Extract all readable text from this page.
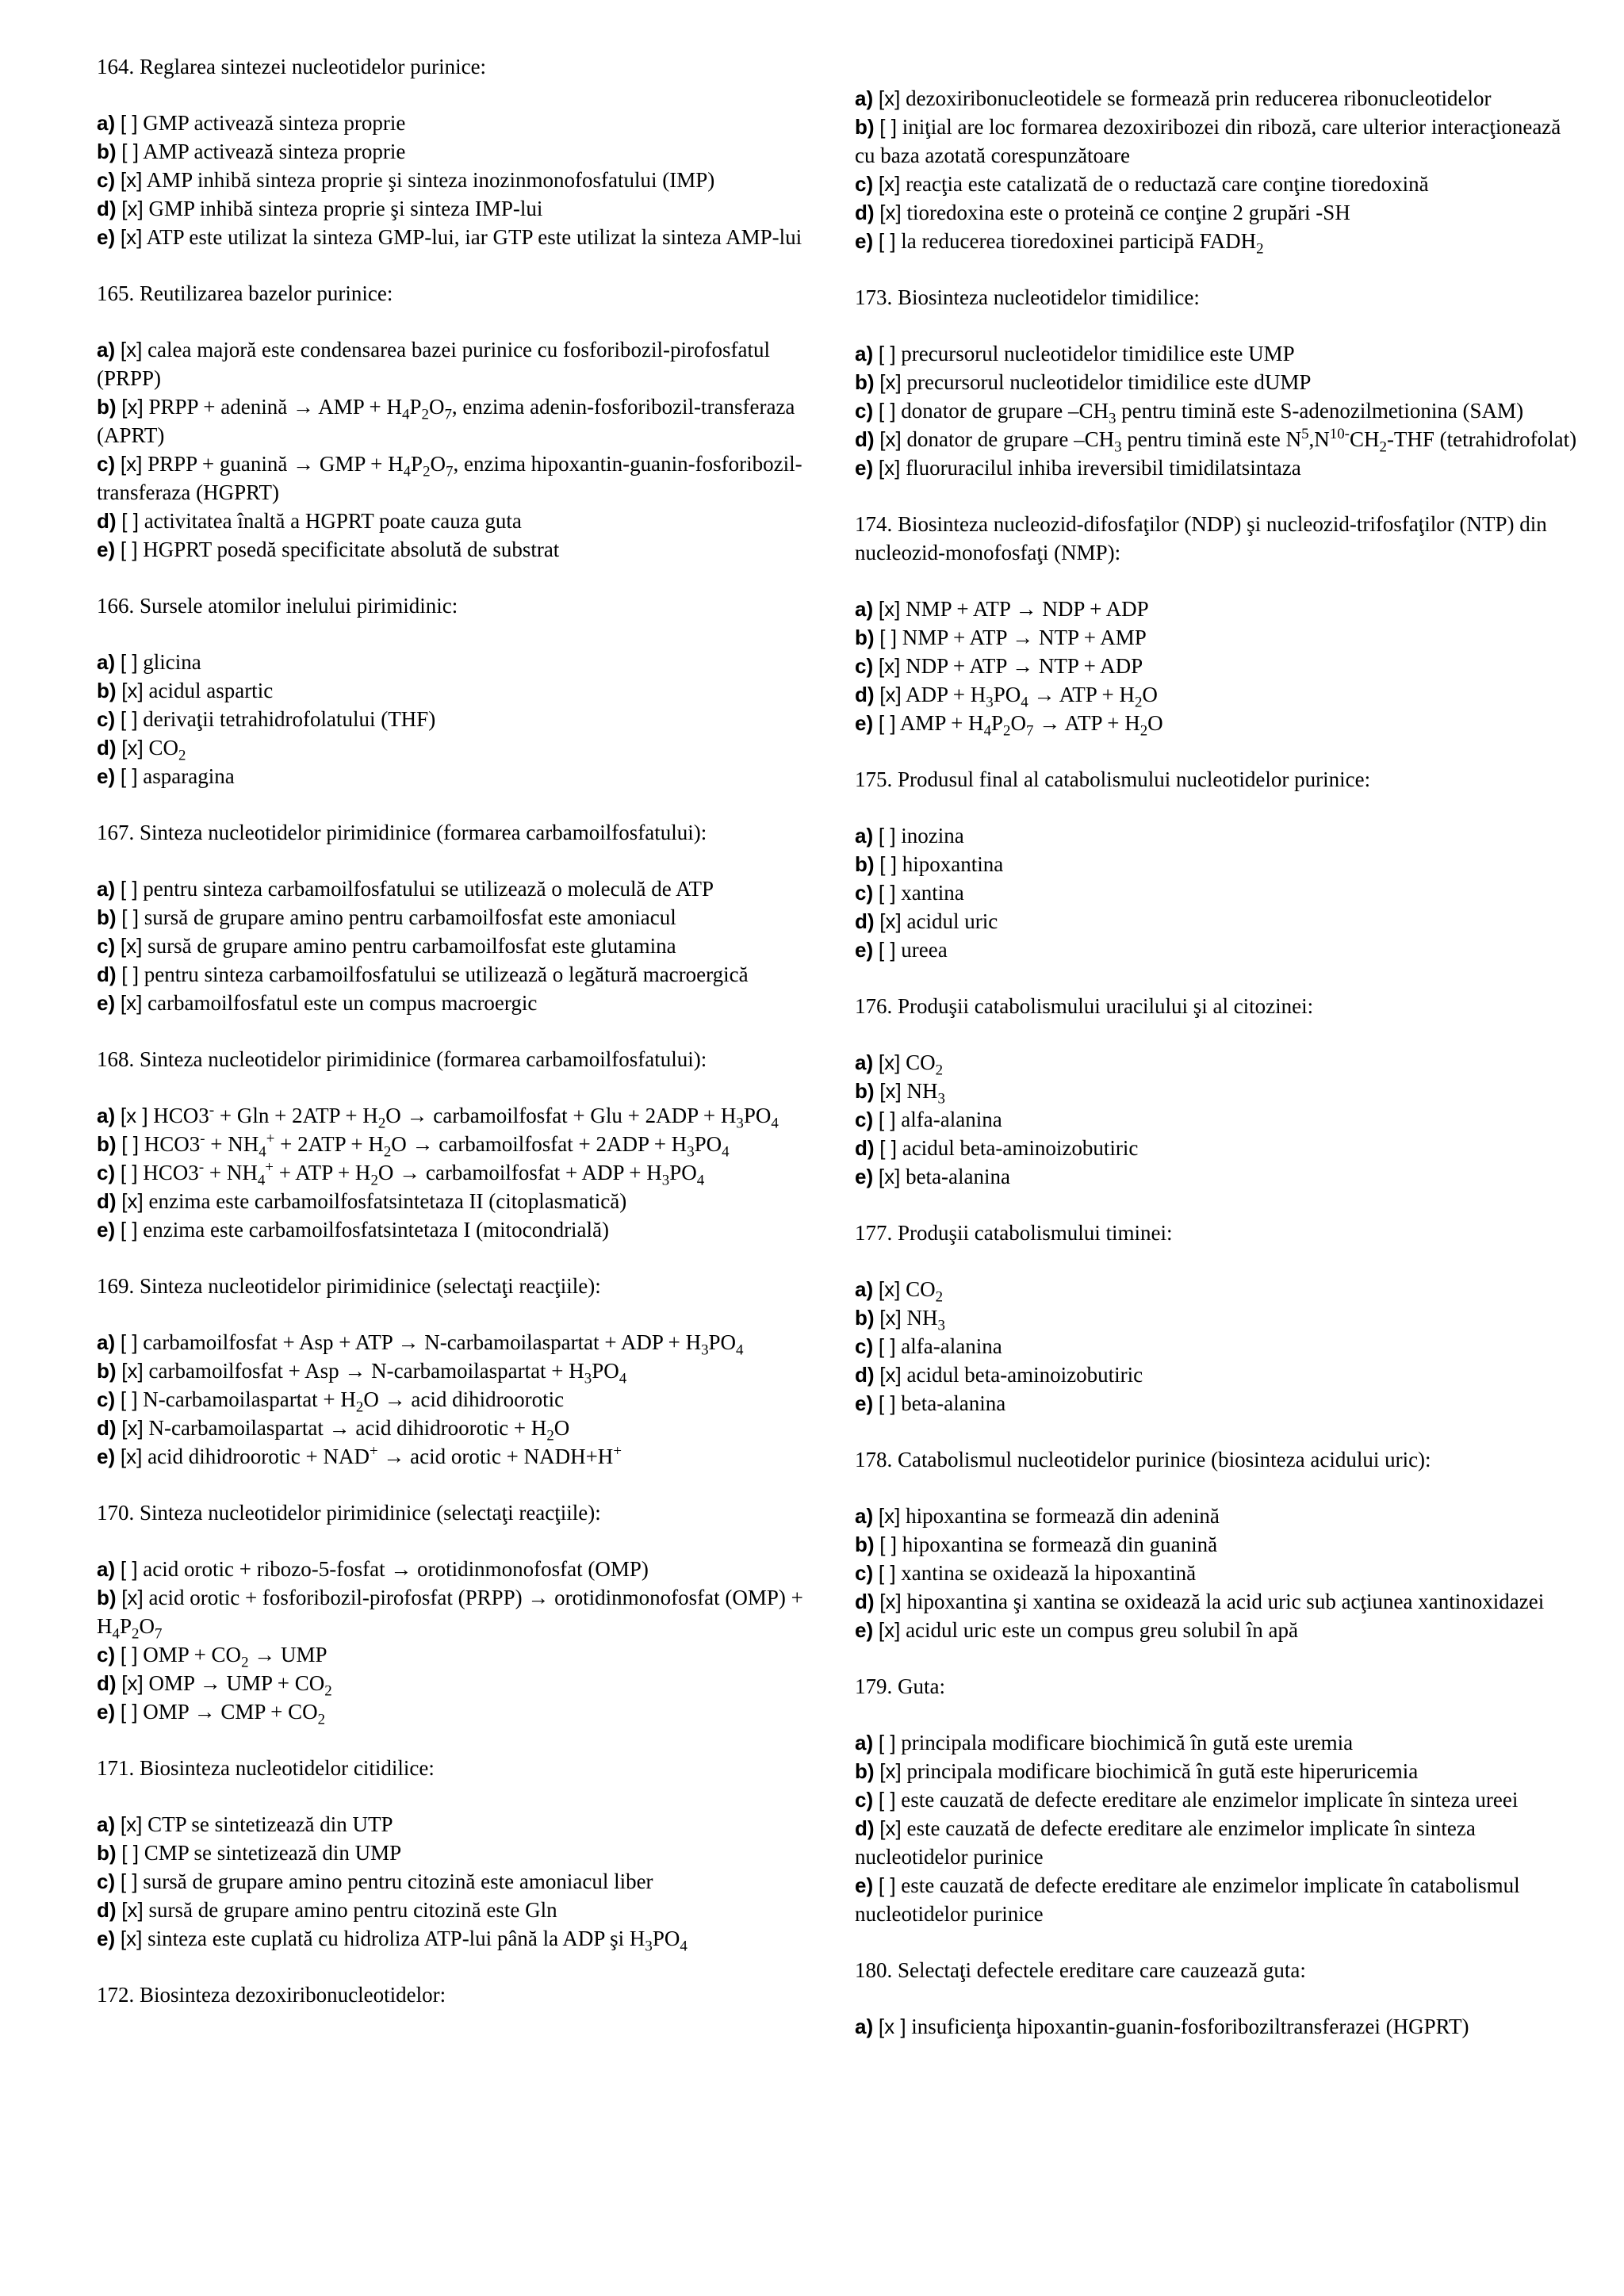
164. Reglarea sintezei nucleotidelor purinice:

a) [ ] GMP activează sinteza proprie

b) [ ] AMP activează sinteza proprie

c) [x] AMP inhibă sinteza proprie şi sinteza inozinmonofosfatului (IMP)

d) [x] GMP inhibă sinteza proprie şi sinteza IMP-lui

e) [x] ATP este utilizat la sinteza GMP-lui, iar GTP este utilizat la sinteza AMP-lui

165. Reutilizarea bazelor purinice:

a) [x] calea majoră este condensarea bazei purinice cu fosforibozil-pirofosfatul (PRPP)

b) [x] PRPP + adenină → AMP + $H_4P_2O_7$, enzima adenin-fosforibozil-transferaza (APRT)

c) [x] PRPP + guanină → GMP + $H_4P_2O_7$, enzima hipoxantin-guanin-fosforibozil-transferaza (HGPRT)

d) [ ] activitatea înaltă a HGPRT poate cauza guta

e) [ ] HGPRT posedă specificitate absolută de substrat

166. Sursele atomilor inelului pirimidinic:

a) [ ] glicina

b) [x] acidul aspartic

c) [ ] derivaţii tetrahidrofolatului (THF)

d) [x] $CO_2$

e) [ ] asparagina

167. Sinteza nucleotidelor pirimidinice (formarea carbamoilfosfatului):

a) [ ] pentru sinteza carbamoilfosfatului se utilizează o moleculă de ATP

b) [ ] sursă de grupare amino pentru carbamoilfosfat este amoniacul

c) [x] sursă de grupare amino pentru carbamoilfosfat este glutamina

d) [ ] pentru sinteza carbamoilfosfatului se utilizează o legătură macroergică

e) [x] carbamoilfosfatul este un compus macroergic

168. Sinteza nucleotidelor pirimidinice (formarea carbamoilfosfatului):

a) [x ] $HCO3^- + Gln + 2ATP + H_2O$ → carbamoilfosfat + Glu + $2ADP + H_3PO_4$

b) [ ] $HCO3^- + NH_4^+ + 2ATP + H_2O$ → carbamoilfosfat + $2ADP + H_3PO_4$

c) [ ] $HCO3^- + NH_4^+$ + ATP + $H_2O$ → carbamoilfosfat + ADP + $H_3PO_4$

d) [x] enzima este carbamoilfosfatsintetaza II (citoplasmatică)

e) [ ] enzima este carbamoilfosfatsintetaza I (mitocondrială)

169. Sinteza nucleotidelor pirimidinice (selectaţi reacţiile):

a) [ ] carbamoilfosfat + Asp + ATP → N-carbamoilaspartat + ADP + $H_3PO_4$

b) [x] carbamoilfosfat + Asp → N-carbamoilaspartat + $H_3PO_4$

c) [ ] N-carbamoilaspartat + $H_2O$ → acid dihidroorotic

d) [x] N-carbamoilaspartat → acid dihidroorotic + $H_2O$

e) [x] acid dihidroorotic + NAD+ → acid orotic + NADH+H+

170. Sinteza nucleotidelor pirimidinice (selectaţi reacţiile):

a) [ ] acid orotic + ribozo-5-fosfat → orotidinmonofosfat (OMP)

b) [x] acid orotic + fosforibozil-pirofosfat (PRPP) → orotidinmonofosfat $(OMP) + H_4P_2O_7$

c) [ ] OMP + $CO_2$ → UMP

d) [x] OMP → UMP + $CO_2$

e) [ ] OMP → CMP + $CO_2$

171. Biosinteza nucleotidelor citidilice:

a) [x] CTP se sintetizează din UTP

b) [ ] CMP se sintetizează din UMP

c) [ ] sursă de grupare amino pentru citozină este amoniacul liber

d) [x] sursă de grupare amino pentru citozină este Gln

e) [x] sinteza este cuplată cu hidroliza ATP-lui până la ADP şi $H_3PO_4$

172. Biosinteza dezoxiribonucleotidelor:

a) [x] dezoxiribonucleotidele se formează prin reducerea ribonucleotidelor

b) [ ] iniţial are loc formarea dezoxiribozei din riboză, care ulterior interacţionează cu baza azotată corespunzătoare

c) [x] reacţia este catalizată de o reductază care conţine tioredoxină

d) [x] tioredoxina este o proteină ce conţine 2 grupări -SH

e) [ ] la reducerea tioredoxinei participă $FADH_2$

173. Biosinteza nucleotidelor timidilice:

a) [ ] precursorul nucleotidelor timidilice este UMP

b) [x] precursorul nucleotidelor timidilice este dUMP

c) [ ] donator de grupare $-CH_3$ pentru timină este S-adenozilmetionina (SAM)

d) [x] donator de grupare $-CH_3$ pentru timină este $N^5,N^{10-}CH_2$-THF (tetrahidrofolat)

e) [x] fluoruracilul inhiba ireversibil timidilatsintaza

174. Biosinteza nucleozid-difosfaţilor (NDP) şi nucleozid-trifosfaţilor (NTP) din nucleozid-monofosfaţi (NMP):

a) [x] NMP + ATP → NDP + ADP

b) [ ] NMP + ATP → NTP + AMP

c) [x] NDP + ATP → NTP + ADP

d) [x] ADP + $H_3PO_4$ → ATP + $H_2O$

e) [ ] AMP + $H_4P_2O_7$ → ATP + $H_2O$

175. Produsul final al catabolismului nucleotidelor purinice:

a) [ ] inozina

b) [ ] hipoxantina

c) [ ] xantina

d) [x] acidul uric

e) [ ] ureea

176. Produşii catabolismului uracilului şi al citozinei:

a) [x] $CO_2$

b) [x] $NH_3$

c) [ ] alfa-alanina

d) [ ] acidul beta-aminoizobutiric

e) [x] beta-alanina

177. Produşii catabolismului timinei:

a) [x] $CO_2$

b) [x] $NH_3$

c) [ ] alfa-alanina

d) [x] acidul beta-aminoizobutiric

e) [ ] beta-alanina

178. Catabolismul nucleotidelor purinice (biosinteza acidului uric):

a) [x] hipoxantina se formează din adenină

b) [ ] hipoxantina se formează din guanină

c) [ ] xantina se oxidează la hipoxantină

d) [x] hipoxantina şi xantina se oxidează la acid uric sub acţiunea xantinoxidazei

e) [x] acidul uric este un compus greu solubil în apă

179. Guta:

a) [ ] principala modificare biochimică în gută este uremia

b) [x] principala modificare biochimică în gută este hiperuricemia

c) [ ] este cauzată de defecte ereditare ale enzimelor implicate în sinteza ureei

d) [x] este cauzată de defecte ereditare ale enzimelor implicate în sinteza nucleotidelor purinice

e) [ ] este cauzată de defecte ereditare ale enzimelor implicate în catabolismul nucleotidelor purinice

180. Selectaţi defectele ereditare care cauzează guta:

a) [x ] insuficienţa hipoxantin-guanin-fosforiboziltransferazei (HGPRT)
